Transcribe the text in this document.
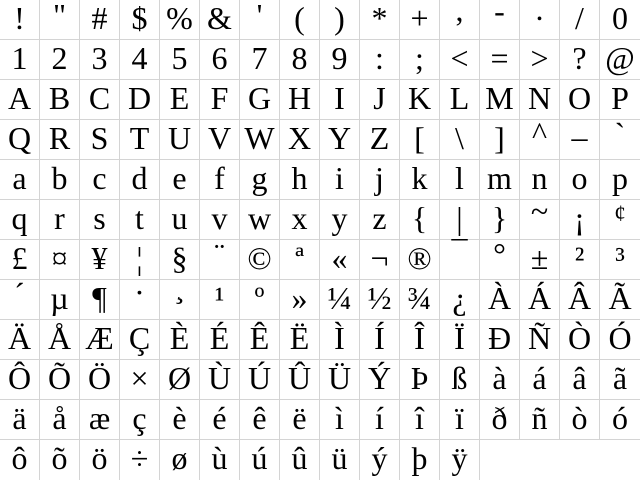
! " # $ % & ' ( ) * + , - . / 0
1 2 3 4 5 6 7 8 9 : ; < = > ? @
A B C D E F G H I J K L M N O P
Q R S T U V W X Y Z [ \ ] ^ _ `
a b c d e f g h i j k l m n o p
q r s t u v w x y z { | } ~ ¡	¢
£ ¤ ¥ ¦ § ¨ © ª « ¬ ® ¯ ° ± ² ³
´ µ ¶ · ¸ ¹ º » ¼ ½ ¾ ¿ À Á Â Ã
Ä Å Æ Ç È É Ê Ë Ì Í Î Ï Ð Ñ Ò Ó
Ô Õ Ö × Ø Ù Ú Û Ü Ý Þ ß à á â ã
ä å æ ç è é ê ë ì í î ï ð ñ ò ó
ô õ ö ÷ ø ù ú û ü ý þ ÿ
